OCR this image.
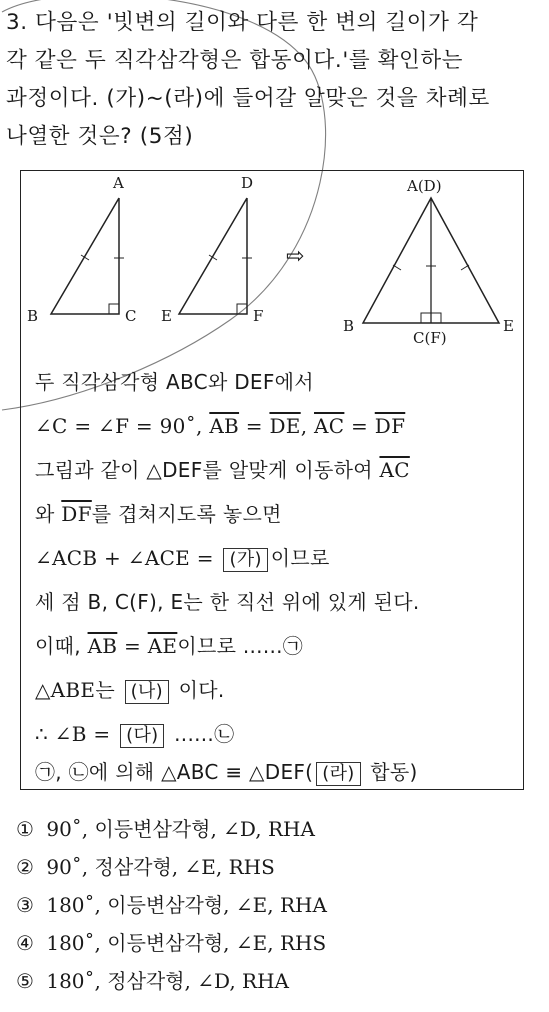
3. 다음은 '빗변의 길이와 다른 한 변의 길이가 각
각 같은 두 직각삼각형은 합동이다.'를 확인하는
과정이다. (가)~(라)에 들어갈 알맞은 것을 차례로
나열한 것은? (5점)
A
B	C
D
E	F
⇨
A(D)
B
C(F)
E
두 직각삼각형 ABC와 DEF에서
∠C = ∠F = 90˚, $\overline{AB} = \overline{DE}$, $\overline{AC} = \overline{DF}$
그림과 같이 △DEF를 알맞게 이동하여 $\overline{AC}$
와 $\overline{DF}$를 겹쳐지도록 놓으면
∠ACB + ∠ACE = (가) 이므로
세 점 B, C(F), E는 한 직선 위에 있게 된다.
이때, $\overline{AB} = \overline{AE}$이므로 ......㉠
△ABE는 (나) 이다.
∴ ∠B = (다) ......㉡
㉠, ㉡에 의해 △ABC ≡ △DEF( (라) 합동)
① 90˚, 이등변삼각형, ∠D, RHA
② 90˚, 정삼각형, ∠E, RHS
③ 180˚, 이등변삼각형, ∠E, RHA
④ 180˚, 이등변삼각형, ∠E, RHS
⑤ 180˚, 정삼각형, ∠D, RHA
